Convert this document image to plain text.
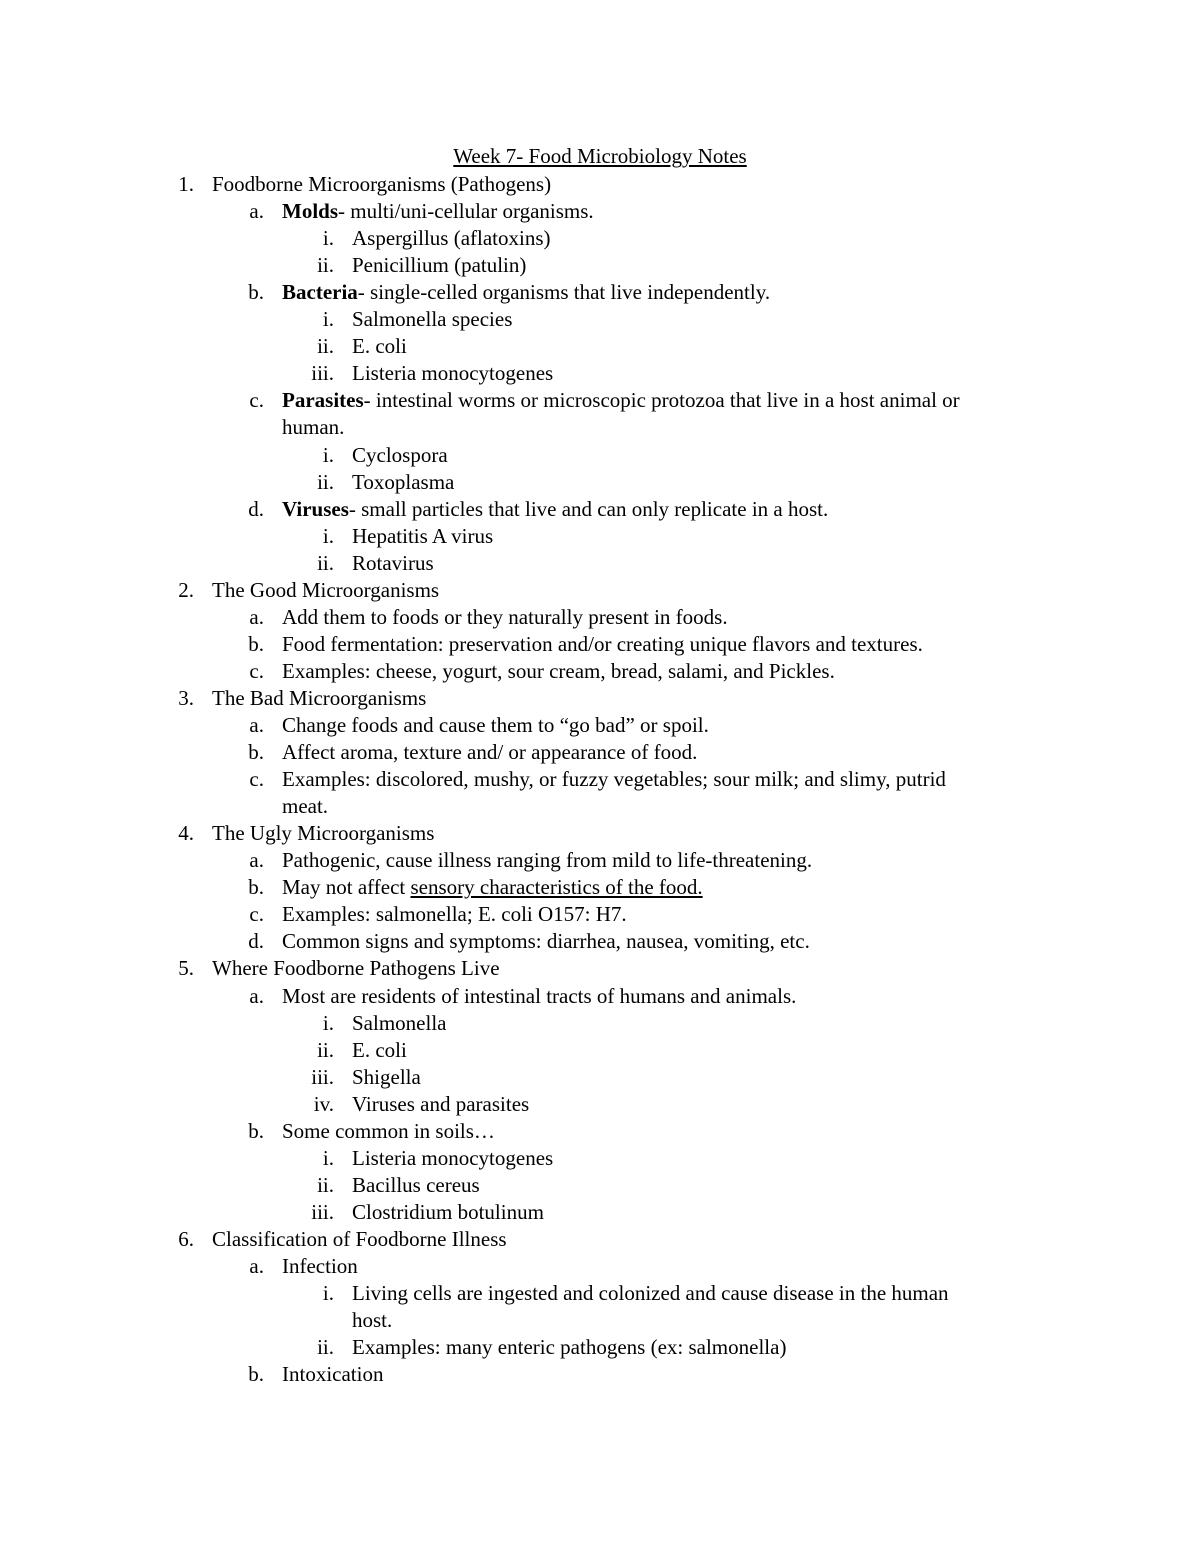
Week 7- Food Microbiology Notes
1. Foodborne Microorganisms (Pathogens)
a. Molds- multi/uni-cellular organisms.
i. Aspergillus (aflatoxins)
ii. Penicillium (patulin)
b. Bacteria- single-celled organisms that live independently.
i. Salmonella species
ii. E. coli
iii. Listeria monocytogenes
c. Parasites- intestinal worms or microscopic protozoa that live in a host animal or
human.
i. Cyclospora
ii. Toxoplasma
d. Viruses- small particles that live and can only replicate in a host.
i. Hepatitis A virus
ii. Rotavirus
2. The Good Microorganisms
a. Add them to foods or they naturally present in foods.
b. Food fermentation: preservation and/or creating unique flavors and textures.
c. Examples: cheese, yogurt, sour cream, bread, salami, and Pickles.
3. The Bad Microorganisms
a. Change foods and cause them to “go bad” or spoil.
b. Affect aroma, texture and/ or appearance of food.
c. Examples: discolored, mushy, or fuzzy vegetables; sour milk; and slimy, putrid
meat.
4. The Ugly Microorganisms
a. Pathogenic, cause illness ranging from mild to life-threatening.
b. May not affect sensory characteristics of the food.
c. Examples: salmonella; E. coli O157: H7.
d. Common signs and symptoms: diarrhea, nausea, vomiting, etc.
5. Where Foodborne Pathogens Live
a. Most are residents of intestinal tracts of humans and animals.
i. Salmonella
ii. E. coli
iii. Shigella
iv. Viruses and parasites
b. Some common in soils…
i. Listeria monocytogenes
ii. Bacillus cereus
iii. Clostridium botulinum
6. Classification of Foodborne Illness
a. Infection
i. Living cells are ingested and colonized and cause disease in the human
host.
ii. Examples: many enteric pathogens (ex: salmonella)
b. Intoxication
